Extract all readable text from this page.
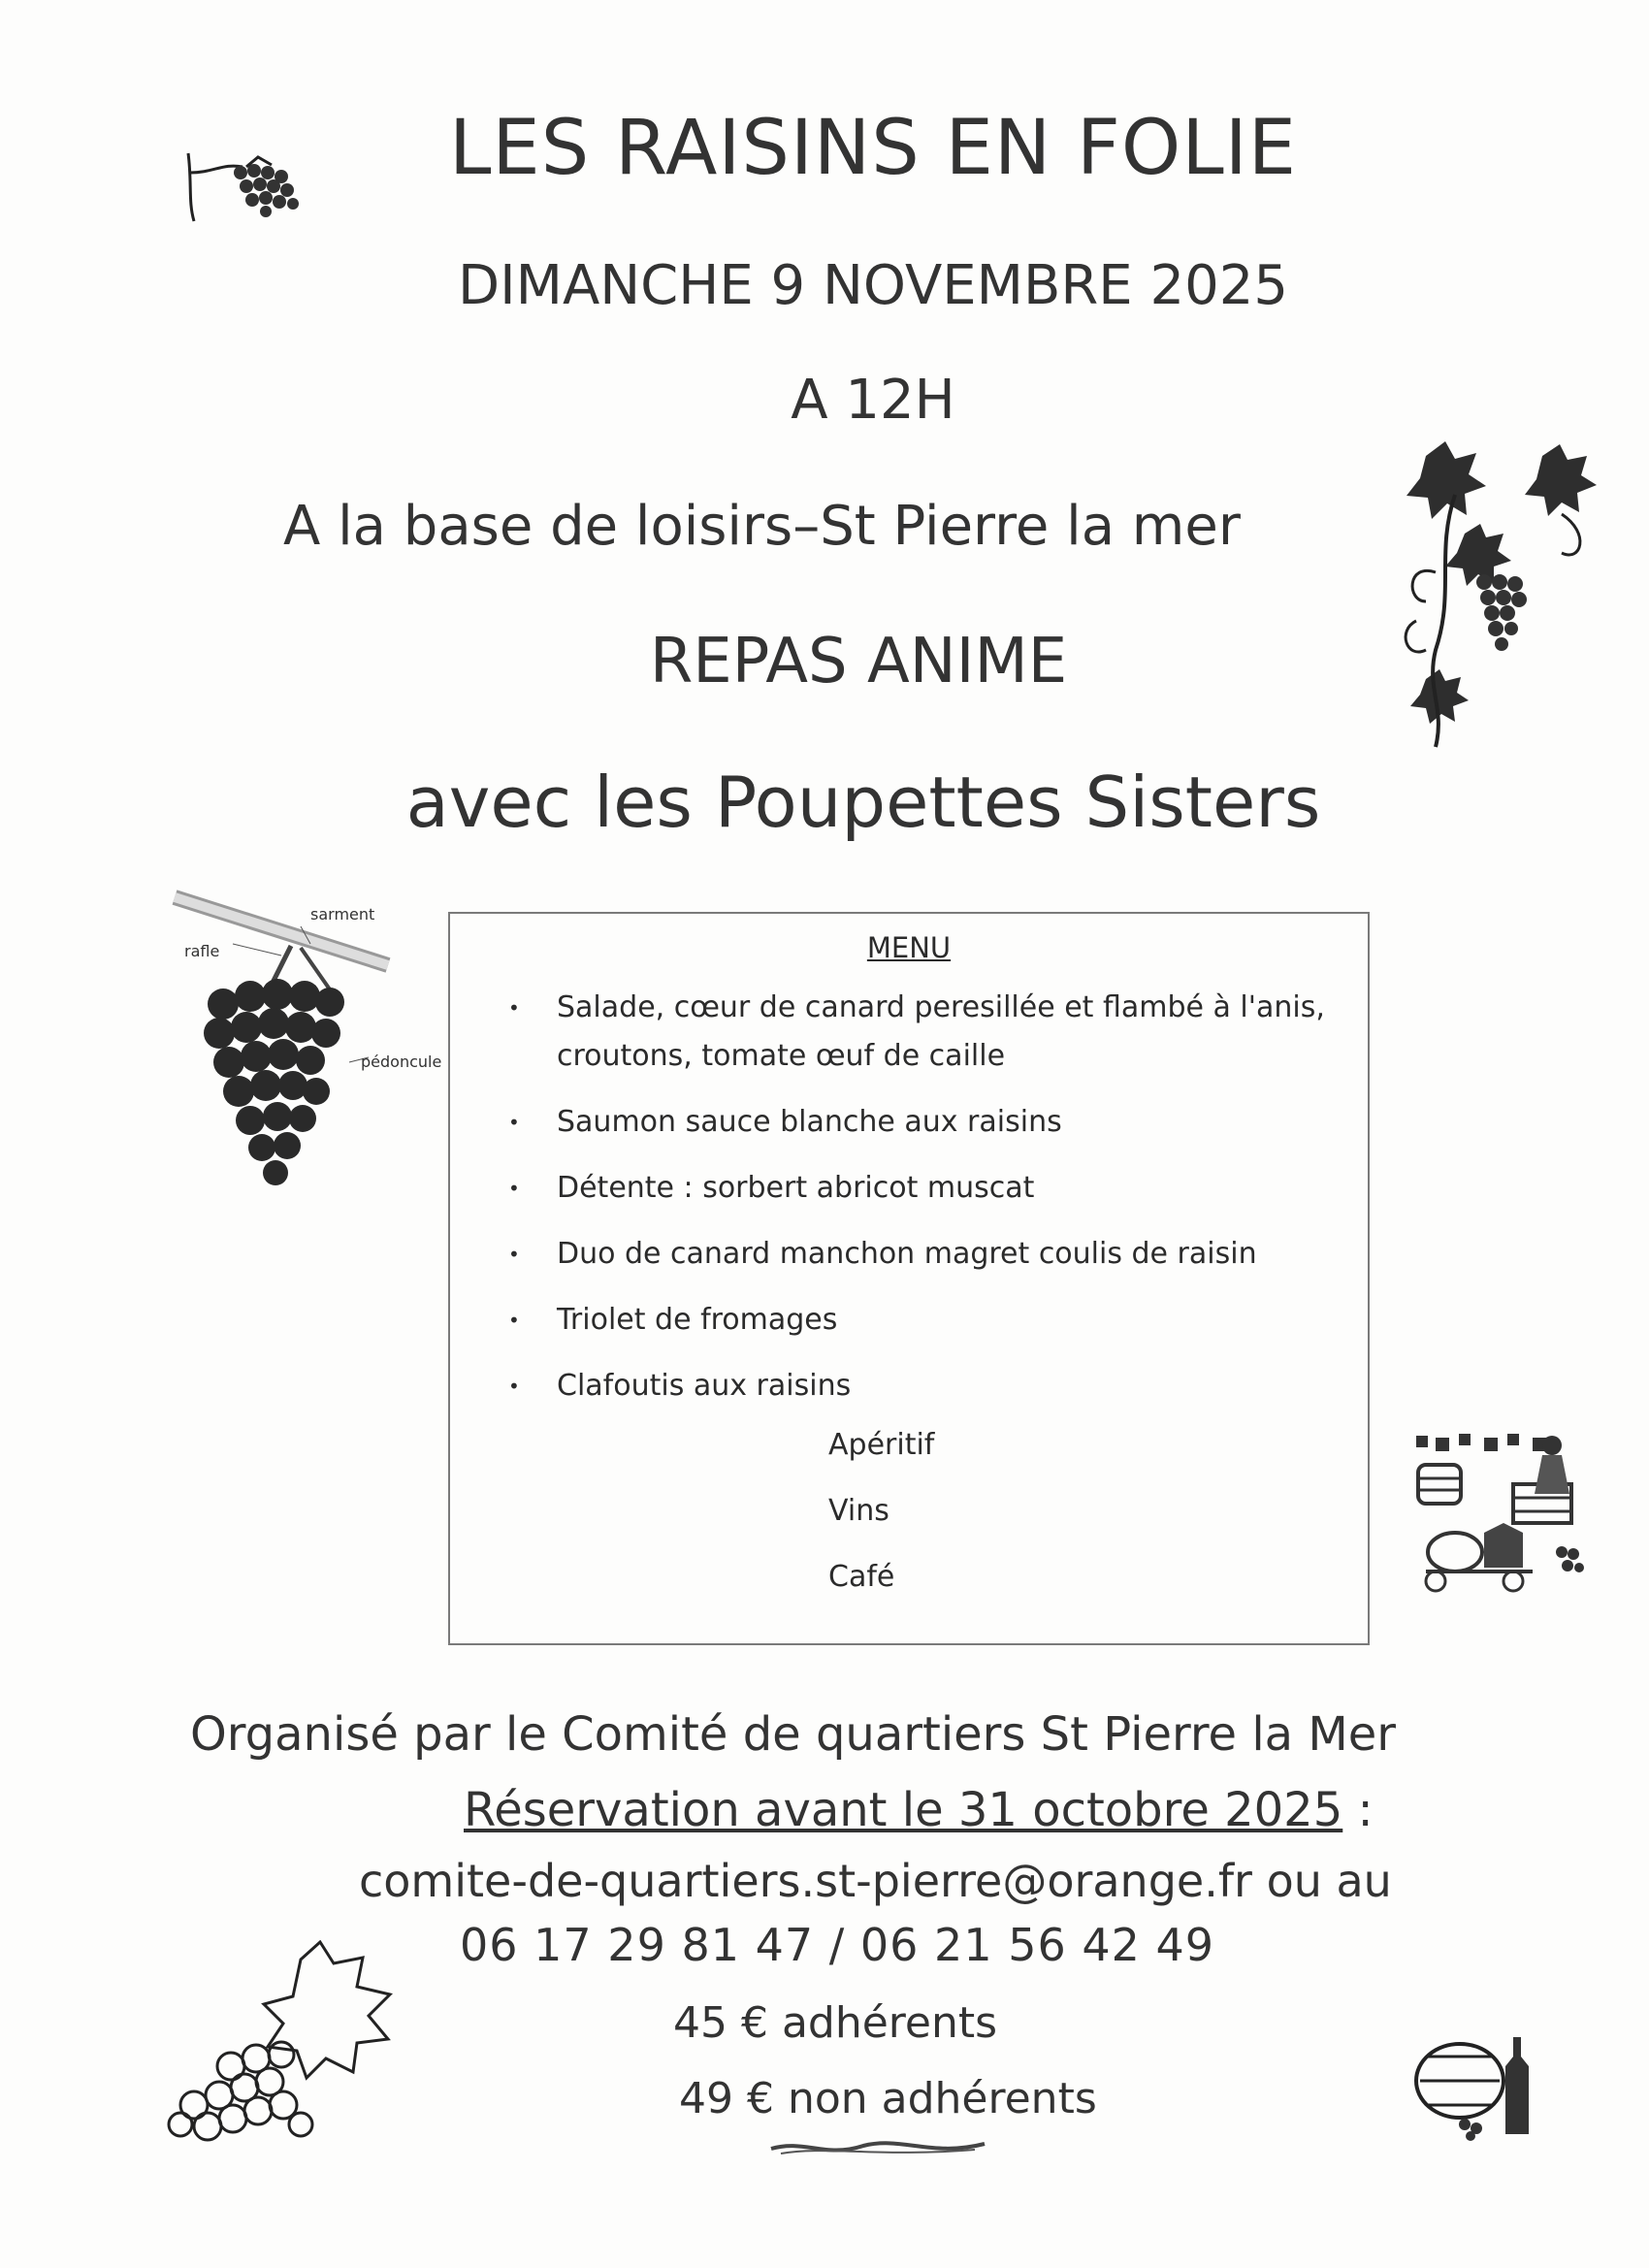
LES RAISINS EN FOLIE
DIMANCHE 9 NOVEMBRE 2025
A 12H
A la base de loisirs–St Pierre la mer
REPAS ANIME
avec les Poupettes Sisters
sarment
rafle
pédoncule
MENU
• Salade, cœur de canard peresillée et flambé à l'anis, croutons, tomate œuf de caille
• Saumon sauce blanche aux raisins
• Détente : sorbert abricot muscat
• Duo de canard manchon magret coulis de raisin
• Triolet de fromages
• Clafoutis aux raisins
Apéritif
Vins
Café
Organisé par le Comité de quartiers St Pierre la Mer
Réservation avant le 31 octobre 2025 :
comite-de-quartiers.st-pierre@orange.fr ou au
06 17 29 81 47 / 06 21 56 42 49
45 € adhérents
49 € non adhérents
